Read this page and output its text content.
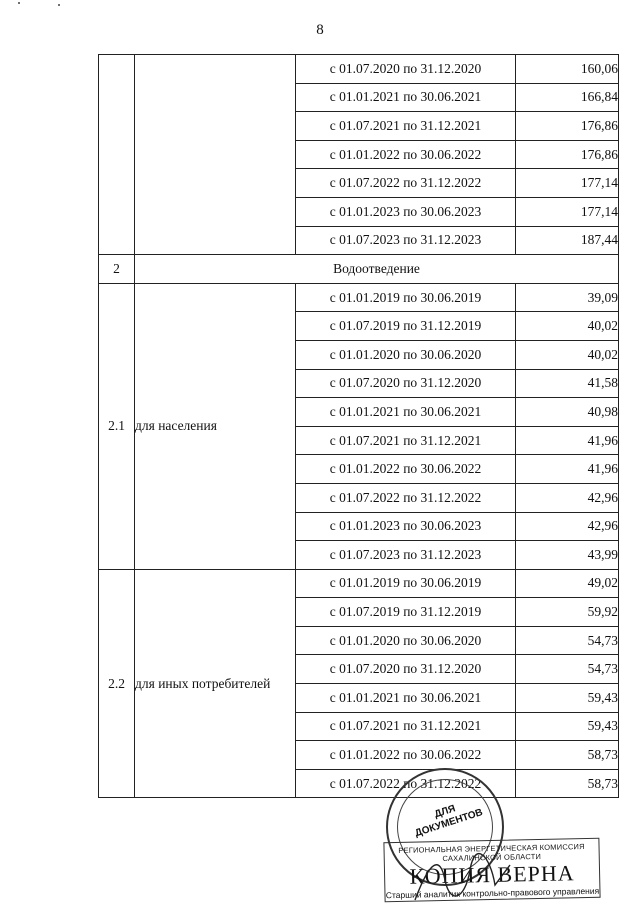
8
		с 01.07.2020 по 31.12.2020	160,06
		с 01.01.2021 по 30.06.2021	166,84
		с 01.07.2021 по 31.12.2021	176,86
		с 01.01.2022 по 30.06.2022	176,86
		с 01.07.2022 по 31.12.2022	177,14
		с 01.01.2023 по 30.06.2023	177,14
		с 01.07.2023 по 31.12.2023	187,44
2	Водоотведение		
2.1	для населения	с 01.01.2019 по 30.06.2019	39,09
		с 01.07.2019 по 31.12.2019	40,02
		с 01.01.2020 по 30.06.2020	40,02
		с 01.07.2020 по 31.12.2020	41,58
		с 01.01.2021 по 30.06.2021	40,98
		с 01.07.2021 по 31.12.2021	41,96
		с 01.01.2022 по 30.06.2022	41,96
		с 01.07.2022 по 31.12.2022	42,96
		с 01.01.2023 по 30.06.2023	42,96
		с 01.07.2023 по 31.12.2023	43,99
2.2	для иных потребителей	с 01.01.2019 по 30.06.2019	49,02
		с 01.07.2019 по 31.12.2019	59,92
		с 01.01.2020 по 30.06.2020	54,73
		с 01.07.2020 по 31.12.2020	54,73
		с 01.01.2021 по 30.06.2021	59,43
		с 01.07.2021 по 31.12.2021	59,43
		с 01.01.2022 по 30.06.2022	58,73
		с 01.07.2022 по 31.12.2022	58,73
ДЛЯ ДОКУМЕНТОВ
РЕГИОНАЛЬНАЯ ЭНЕРГЕТИЧЕСКАЯ КОМИССИЯ САХАЛИНСКОЙ ОБЛАСТИ
КОПИЯ ВЕРНА
Старший аналитик контрольно-правового управления
